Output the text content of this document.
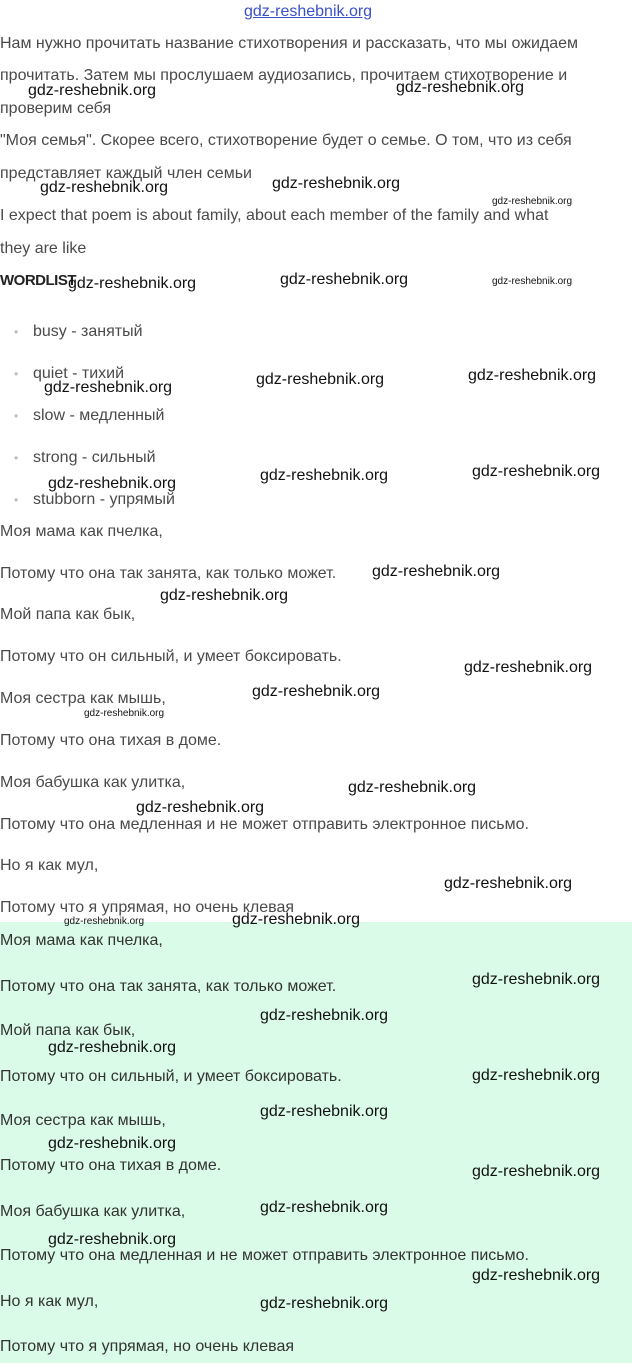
gdz-reshebnik.org
Нам нужно прочитать название стихотворения и рассказать, что мы ожидаем
прочитать. Затем мы прослушаем аудиозапись, прочитаем стихотворение и
проверим себя
"Моя семья". Скорее всего, стихотворение будет о семье. О том, что из себя
представляет каждый член семьи
I expect that poem is about family, about each member of the family and what
they are like
WORDLIST
• busy - занятый
• quiet - тихий
• slow - медленный
• strong - сильный
• stubborn - упрямый
Моя мама как пчелка,
Потому что она так занята, как только может.
Мой папа как бык,
Потому что он сильный, и умеет боксировать.
Моя сестра как мышь,
Потому что она тихая в доме.
Моя бабушка как улитка,
Потому что она медленная и не может отправить электронное письмо.
Но я как мул,
Потому что я упрямая, но очень клевая
Моя мама как пчелка,
Потому что она так занята, как только может.
Мой папа как бык,
Потому что он сильный, и умеет боксировать.
Моя сестра как мышь,
Потому что она тихая в доме.
Моя бабушка как улитка,
Потому что она медленная и не может отправить электронное письмо.
Но я как мул,
Потому что я упрямая, но очень клевая
gdz-reshebnik.org	gdz-reshebnik.org
gdz-reshebnik.org	gdz-reshebnik.org
gdz-reshebnik.org
gdz-reshebnik.org	gdz-reshebnik.org	gdz-reshebnik.org
gdz-reshebnik.org	gdz-reshebnik.org	gdz-reshebnik.org
gdz-reshebnik.org	gdz-reshebnik.org	gdz-reshebnik.org
gdz-reshebnik.org
gdz-reshebnik.org
gdz-reshebnik.org
gdz-reshebnik.org
gdz-reshebnik.org
gdz-reshebnik.org
gdz-reshebnik.org
gdz-reshebnik.org
gdz-reshebnik.org	gdz-reshebnik.org
gdz-reshebnik.org
gdz-reshebnik.org
gdz-reshebnik.org
gdz-reshebnik.org
gdz-reshebnik.org
gdz-reshebnik.org
gdz-reshebnik.org
gdz-reshebnik.org
gdz-reshebnik.org
gdz-reshebnik.org
gdz-reshebnik.org
